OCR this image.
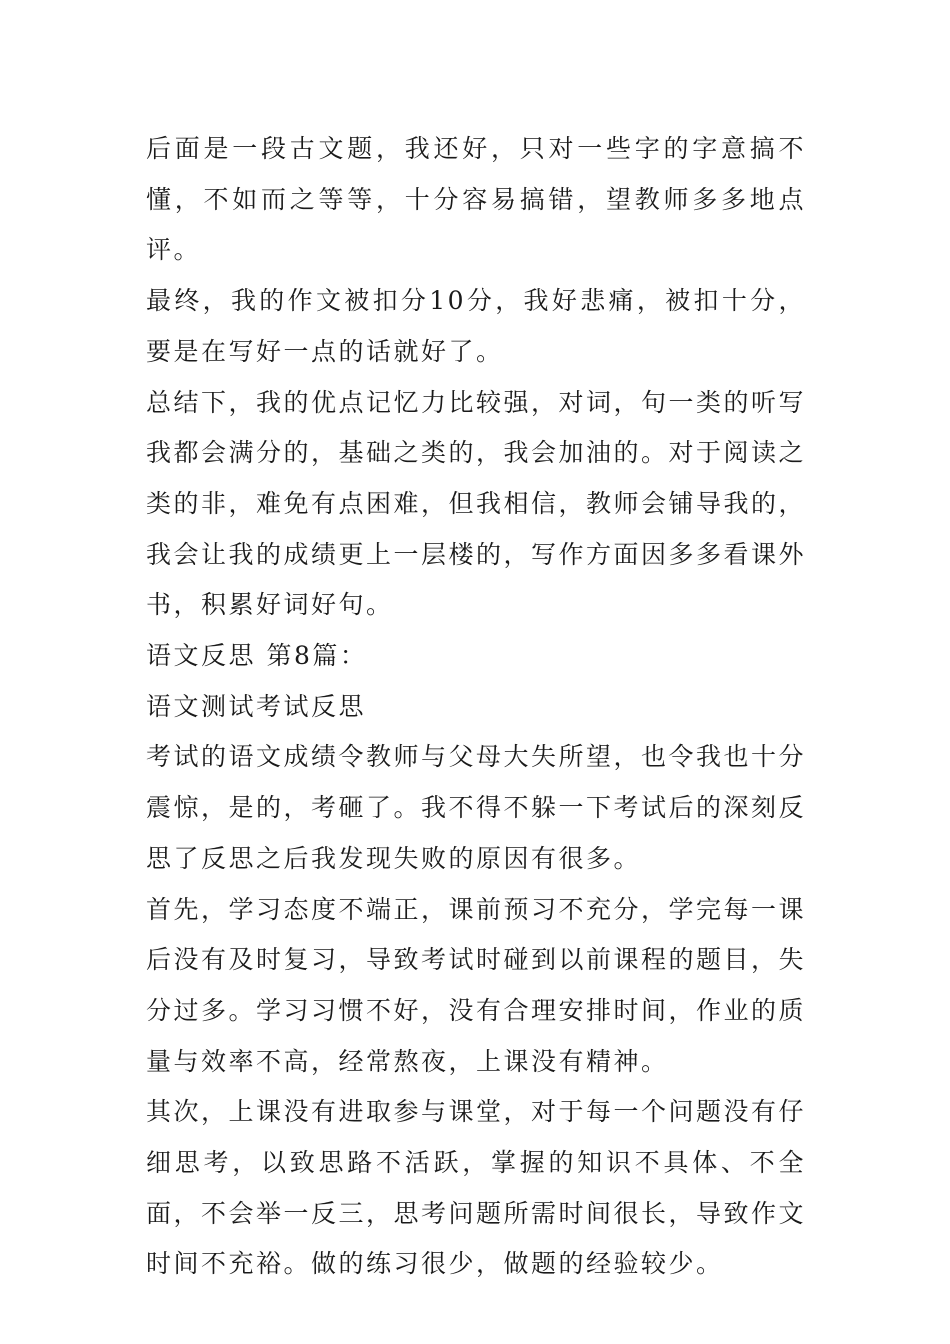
后面是一段古文题，我还好，只对一些字的字意搞不懂，不如而之等等，十分容易搞错，望教师多多地点评。

最终，我的作文被扣分10分，我好悲痛，被扣十分，要是在写好一点的话就好了。

总结下，我的优点记忆力比较强，对词，句一类的听写我都会满分的，基础之类的，我会加油的。对于阅读之类的非，难免有点困难，但我相信，教师会铺导我的，我会让我的成绩更上一层楼的，写作方面因多多看课外书，积累好词好句。

语文反思 第8篇：

语文测试考试反思

考试的语文成绩令教师与父母大失所望，也令我也十分震惊，是的，考砸了。我不得不躲一下考试后的深刻反思了反思之后我发现失败的原因有很多。

首先，学习态度不端正，课前预习不充分，学完每一课后没有及时复习，导致考试时碰到以前课程的题目，失分过多。学习习惯不好，没有合理安排时间，作业的质量与效率不高，经常熬夜，上课没有精神。

其次，上课没有进取参与课堂，对于每一个问题没有仔细思考，以致思路不活跃，掌握的知识不具体、不全面，不会举一反三，思考问题所需时间很长，导致作文时间不充裕。做的练习很少，做题的经验较少。
